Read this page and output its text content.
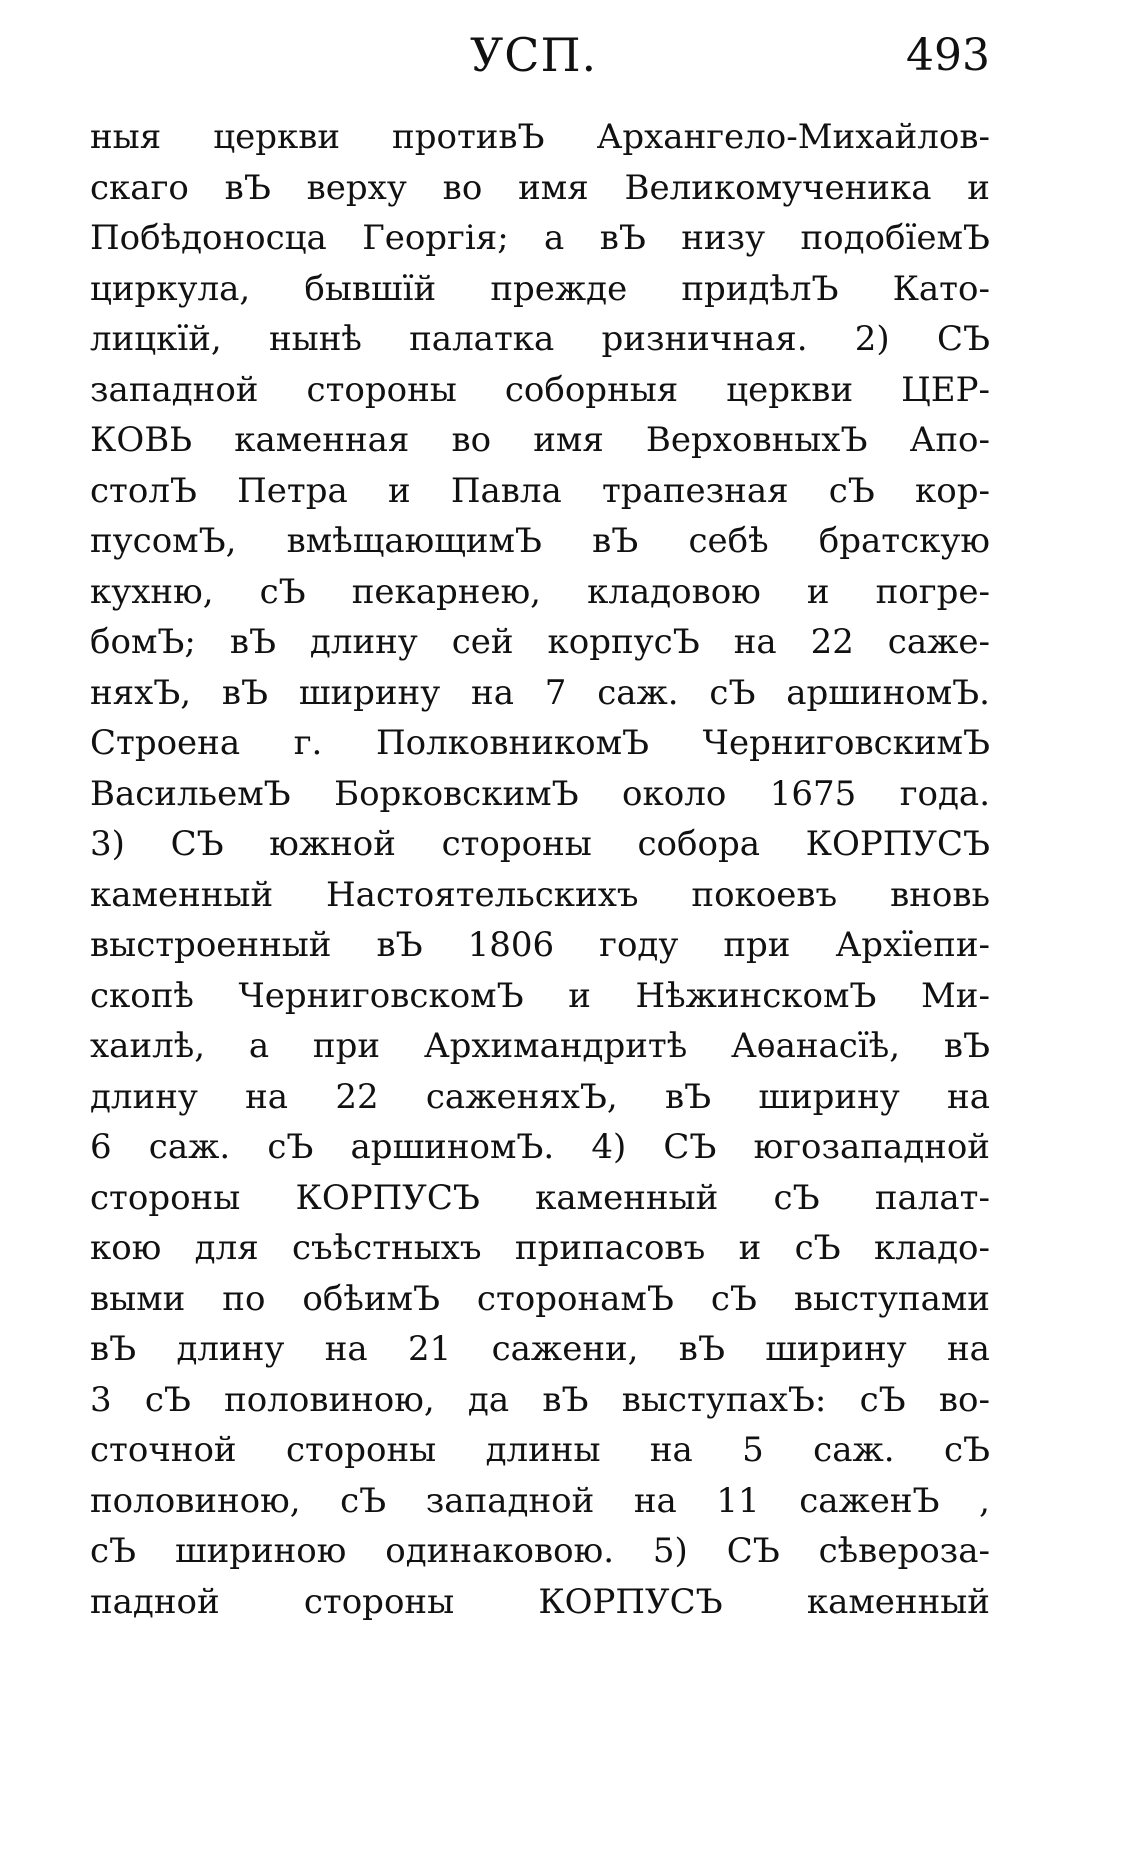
УСП.	493
ныя церкви противЪ Архангело-Михайлов-
скаго вЪ верху во имя Великомученика и
Побѣдоносца Георгія; а вЪ низу подобїемЪ
циркула, бывшїй прежде придѣлЪ Като-
лицкїй, нынѣ палатка ризничная. 2) СЪ
западной стороны соборныя церкви ЦЕР-
КОВЬ каменная во имя ВерховныхЪ Апо-
столЪ Петра и Павла трапезная сЪ кор-
пусомЪ, вмѣщающимЪ вЪ себѣ братскую
кухню, сЪ пекарнею, кладовою и погре-
бомЪ; вЪ длину сей корпусЪ на 22 саже-
няхЪ, вЪ ширину на 7 саж. сЪ аршиномЪ.
Строена г. ПолковникомЪ ЧерниговскимЪ
ВасильемЪ БорковскимЪ около 1675 года.
3) СЪ южной стороны собора КОРПУСЪ
каменный Настоятельскихъ покоевъ вновь
выстроенный вЪ 1806 году при Архїепи-
скопѣ ЧерниговскомЪ и НѣжинскомЪ Ми-
хаилѣ, а при Архимандритѣ Аѳанасїѣ, вЪ
длину на 22 саженяхЪ, вЪ ширину на
6 саж. сЪ аршиномЪ. 4) СЪ югозападной
стороны КОРПУСЪ каменный сЪ палат-
кою для съѣстныхъ припасовъ и сЪ кладо-
выми по обѣимЪ сторонамЪ сЪ выступами
вЪ длину на 21 сажени, вЪ ширину на
3 сЪ половиною, да вЪ выступахЪ: сЪ во-
сточной стороны длины на 5 саж. сЪ
половиною, сЪ западной на 11 саженЪ ,
сЪ шириною одинаковою. 5) СЪ сѣвероза-
падной стороны КОРПУСЪ каменный
